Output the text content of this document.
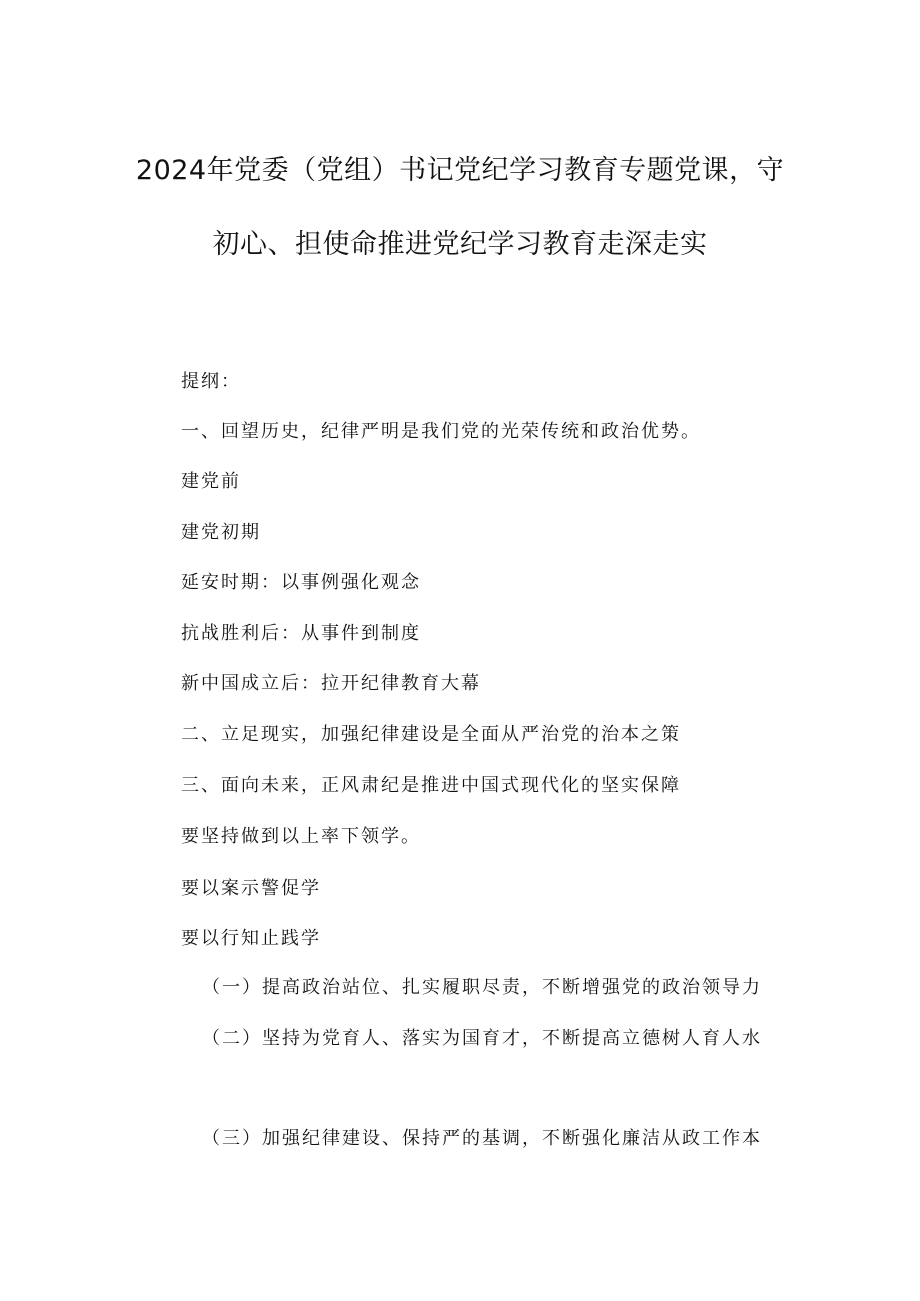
2024年党委（党组）书记党纪学习教育专题党课，守
初心、担使命推进党纪学习教育走深走实
提纲：
一、回望历史，纪律严明是我们党的光荣传统和政治优势。
建党前
建党初期
延安时期：以事例强化观念
抗战胜利后：从事件到制度
新中国成立后：拉开纪律教育大幕
二、立足现实，加强纪律建设是全面从严治党的治本之策
三、面向未来，正风肃纪是推进中国式现代化的坚实保障
要坚持做到以上率下领学。
要以案示警促学
要以行知止践学
（一）提高政治站位、扎实履职尽责，不断增强党的政治领导力
（二）坚持为党育人、落实为国育才，不断提高立德树人育人水
（三）加强纪律建设、保持严的基调，不断强化廉洁从政工作本
